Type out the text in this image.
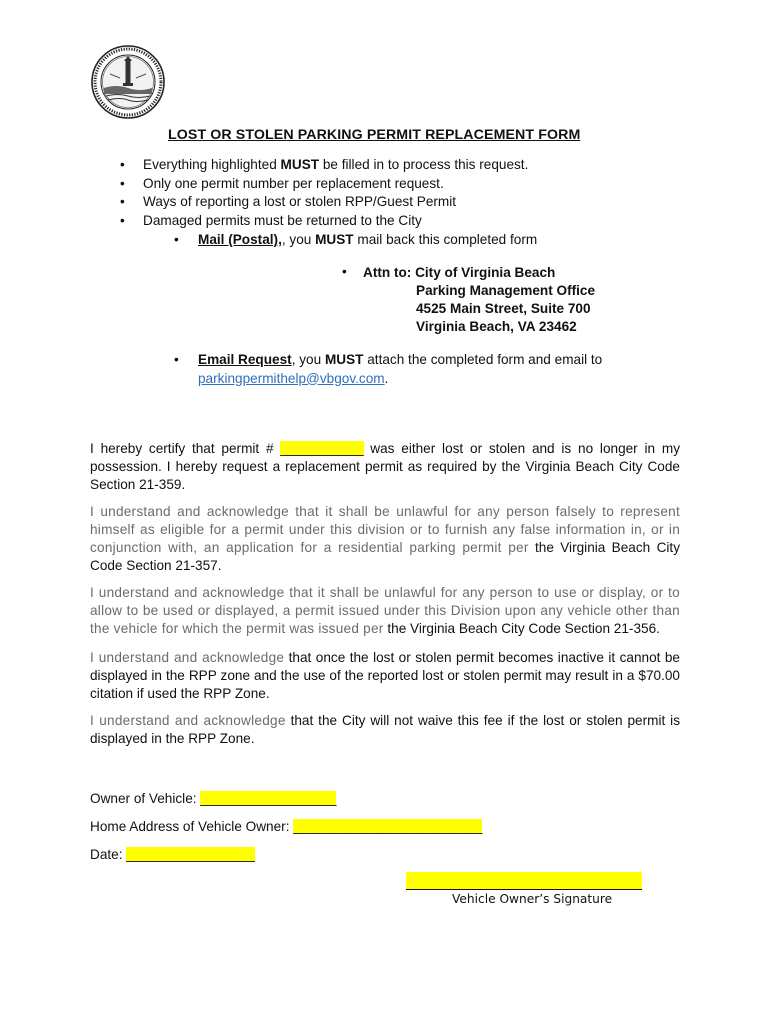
LOST OR STOLEN PARKING PERMIT REPLACEMENT FORM
• Everything highlighted MUST be filled in to process this request.
• Only one permit number per replacement request.
• Ways of reporting a lost or stolen RPP/Guest Permit
• Damaged permits must be returned to the City
• Mail (Postal),, you MUST mail back this completed form
• Attn to: City of Virginia Beach
Parking Management Office
4525 Main Street, Suite 700
Virginia Beach, VA 23462
• Email Request, you MUST attach the completed form and email to
parkingpermithelp@vbgov.com.

I hereby certify that permit # ___________ was either lost or stolen and is no longer in my possession. I hereby request a replacement permit as required by the Virginia Beach City Code Section 21-359.

I understand and acknowledge that it shall be unlawful for any person falsely to represent himself as eligible for a permit under this division or to furnish any false information in, or in conjunction with, an application for a residential parking permit per the Virginia Beach City Code Section 21-357.

I understand and acknowledge that it shall be unlawful for any person to use or display, or to allow to be used or displayed, a permit issued under this Division upon any vehicle other than the vehicle for which the permit was issued per the Virginia Beach City Code Section 21-356.

I understand and acknowledge that once the lost or stolen permit becomes inactive it cannot be displayed in the RPP zone and the use of the reported lost or stolen permit may result in a $70.00 citation if used the RPP Zone.

I understand and acknowledge that the City will not waive this fee if the lost or stolen permit is displayed in the RPP Zone.

Owner of Vehicle: __________________
Home Address of Vehicle Owner: _________________________
Date: _________________
Vehicle Owner’s Signature
